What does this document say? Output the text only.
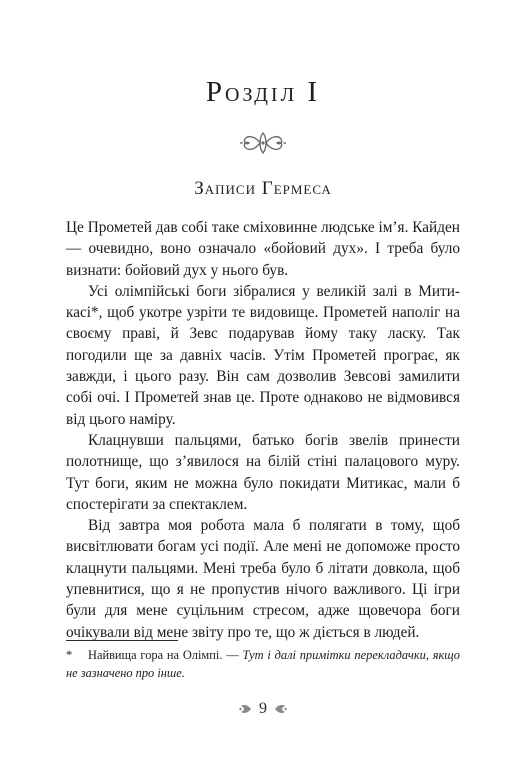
Розділ I
Записи Гермеса

Це Прометей дав собі таке сміховинне людське ім’я. Кайден — очевидно, воно означало «бойовий дух». І треба було визнати: бойовий дух у нього був.

Усі олімпійські боги зібралися у великій залі в Митикасі*, щоб укотре узріти те видовище. Прометей наполіг на своєму праві, й Зевс подарував йому таку ласку. Так погодили ще за давніх часів. Утім Прометей програє, як завжди, і цього разу. Він сам дозволив Зевсові замилити собі очі. І Прометей знав це. Проте однаково не відмовився від цього наміру.

Клацнувши пальцями, батько богів звелів принести полотнище, що з’явилося на білій стіні палацового муру. Тут боги, яким не можна було покидати Митикас, мали б спостерігати за спектаклем.

Від завтра моя робота мала б полягати в тому, щоб висвітлювати богам усі події. Але мені не допоможе просто клацнути пальцями. Мені треба було б літати довкола, щоб упевнитися, що я не пропустив нічого важливого. Ці ігри були для мене суцільним стресом, адже щовечора боги очікували від мене звіту про те, що ж діється в людей.

* Найвища гора на Олімпі. — Тут і далі примітки перекладачки, якщо не зазначено про інше.
9
